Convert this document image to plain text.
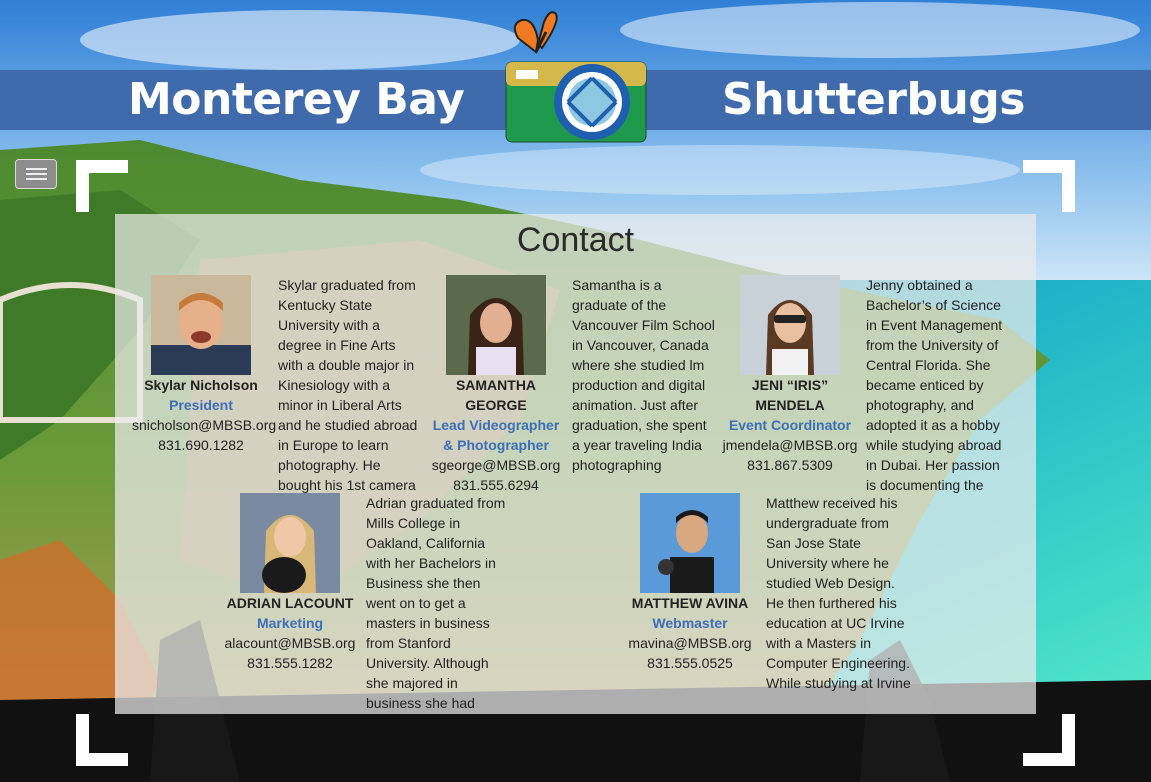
Monterey Bay	Shutterbugs
Contact
Skylar Nicholson
President
snicholson@MBSB.org
831.690.1282
Skylar graduated from Kentucky State University with a degree in Fine Arts with a double major in Kinesiology with a minor in Liberal Arts and he studied abroad in Europe to learn photography. He bought his 1st camera
SAMANTHA GEORGE
Lead Videographer & Photographer
sgeorge@MBSB.org
831.555.6294
Samantha is a graduate of the Vancouver Film School in Vancouver, Canada where she studied lm production and digital animation. Just after graduation, she spent a year traveling India photographing
JENI “IRIS” MENDELA
Event Coordinator
jmendela@MBSB.org
831.867.5309
Jenny obtained a Bachelor’s of Science in Event Management from the University of Central Florida. She became enticed by photography, and adopted it as a hobby while studying abroad in Dubai. Her passion is documenting the
ADRIAN LACOUNT
Marketing
alacount@MBSB.org
831.555.1282
Adrian graduated from Mills College in Oakland, California with her Bachelors in Business she then went on to get a masters in business from Stanford University. Although she majored in business she had
MATTHEW AVINA
Webmaster
mavina@MBSB.org
831.555.0525
Matthew received his undergraduate from San Jose State University where he studied Web Design. He then furthered his education at UC Irvine with a Masters in Computer Engineering. While studying at Irvine
